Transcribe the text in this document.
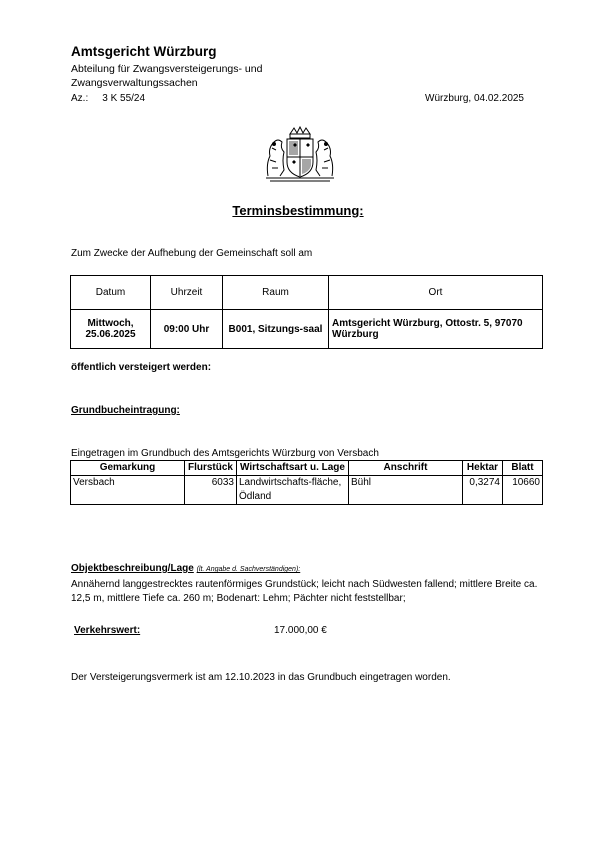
Amtsgericht Würzburg
Abteilung für Zwangsversteigerungs- und Zwangsverwaltungssachen
Az.: 3 K 55/24	Würzburg, 04.02.2025
Terminsbestimmung:
Zum Zwecke der Aufhebung der Gemeinschaft soll am
Datum	Uhrzeit	Raum	Ort
Mittwoch, 25.06.2025	09:00 Uhr	B001, Sitzungs-saal	Amtsgericht Würzburg, Ottostr. 5, 97070 Würzburg
öffentlich versteigert werden:
Grundbucheintragung:
Eingetragen im Grundbuch des Amtsgerichts Würzburg von Versbach
Gemarkung	Flurstück	Wirtschaftsart u. Lage	Anschrift	Hektar	Blatt
Versbach	6033	Landwirtschafts-fläche, Ödland	Bühl	0,3274	10660
Objektbeschreibung/Lage (lt. Angabe d. Sachverständigen):
Annähernd langgestrecktes rautenförmiges Grundstück; leicht nach Südwesten fallend; mittlere Breite ca. 12,5 m, mittlere Tiefe ca. 260 m; Bodenart: Lehm; Pächter nicht feststellbar;
Verkehrswert:	17.000,00 €
Der Versteigerungsvermerk ist am 12.10.2023 in das Grundbuch eingetragen worden.
